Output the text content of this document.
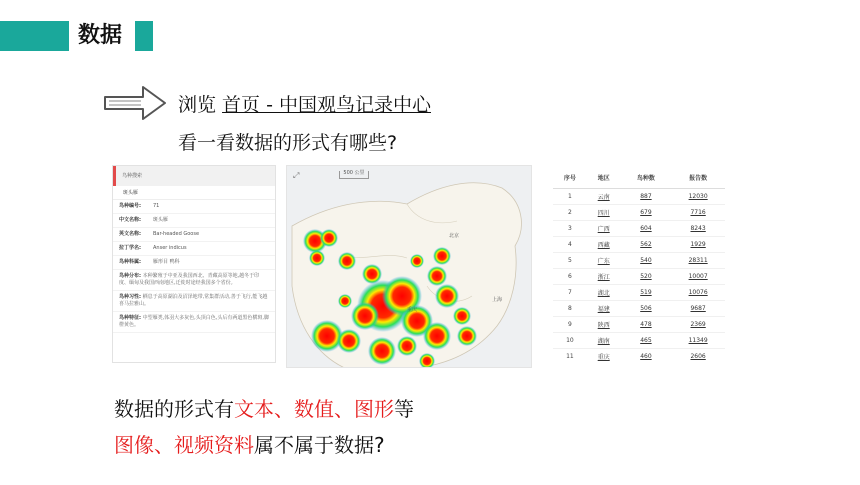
数据
浏览 首页 - 中国观鸟记录中心
看一看数据的形式有哪些?
鸟种搜索
斑头雁
鸟种编号:	71
中文名称:	斑头雁
英文名称:	Bar-headed Goose
拉丁学名:	Anser indicus
鸟种科属:	雁形目 鸭科
鸟种分布: 本种繁殖于中亚及我国西北、青藏高原等地,越冬于印度、缅甸及我国西南地区,迁徙时途经我国多个省份。
鸟种习性: 栖息于高原湖泊及沼泽地带,常集群活动,善于飞行,能飞越喜马拉雅山。
鸟种特征: 中型雁类,体羽大多灰色,头顶白色,头后有两道黑色横斑,脚橙黄色。
⤢	500 公里
北京
上海
重庆
序号	地区	鸟种数	报告数
1	云南	887	12030
2	四川	679	7716
3	广西	604	8243
4	西藏	562	1929
5	广东	540	28311
6	浙江	520	10007
7	湖北	519	10076
8	福建	506	9687
9	陕西	478	2369
10	湖南	465	11349
11	重庆	460	2606
数据的形式有文本、数值、图形等
图像、视频资料属不属于数据?
